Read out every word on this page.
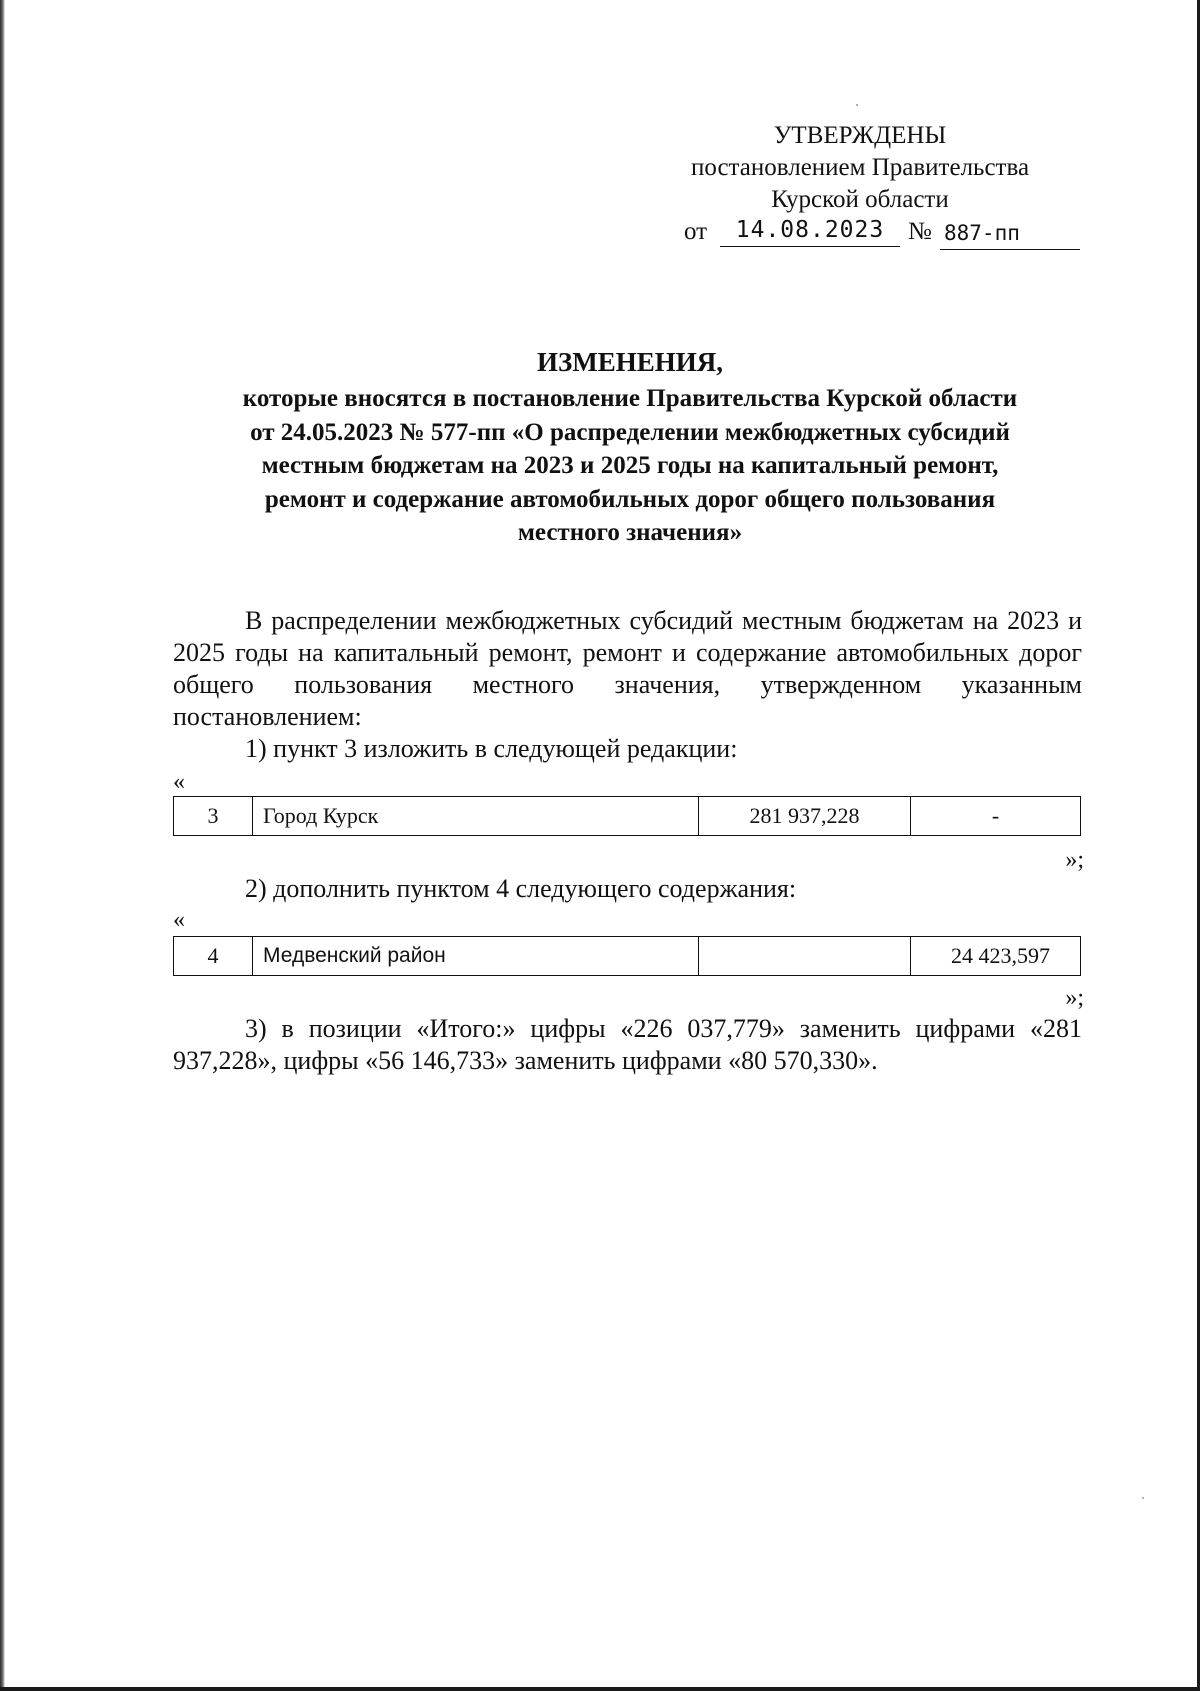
УТВЕРЖДЕНЫ
постановлением Правительства
Курской области
от	14.08.2023 № 887-пп
ИЗМЕНЕНИЯ,
которые вносятся в постановление Правительства Курской области
от 24.05.2023 № 577-пп «О распределении межбюджетных субсидий
местным бюджетам на 2023 и 2025 годы на капитальный ремонт,
ремонт и содержание автомобильных дорог общего пользования
местного значения»
В распределении межбюджетных субсидий местным бюджетам на 2023 и 2025 годы на капитальный ремонт, ремонт и содержание автомобильных дорог общего пользования местного значения, утвержденном указанным постановлением:
1) пункт 3 изложить в следующей редакции:
«
3	Город Курск	281 937,228	-
»;
2) дополнить пунктом 4 следующего содержания:
«
4	Медвенский район		24 423,597
»;
3) в позиции «Итого:» цифры «226 037,779» заменить цифрами «281 937,228», цифры «56 146,733» заменить цифрами «80 570,330».
